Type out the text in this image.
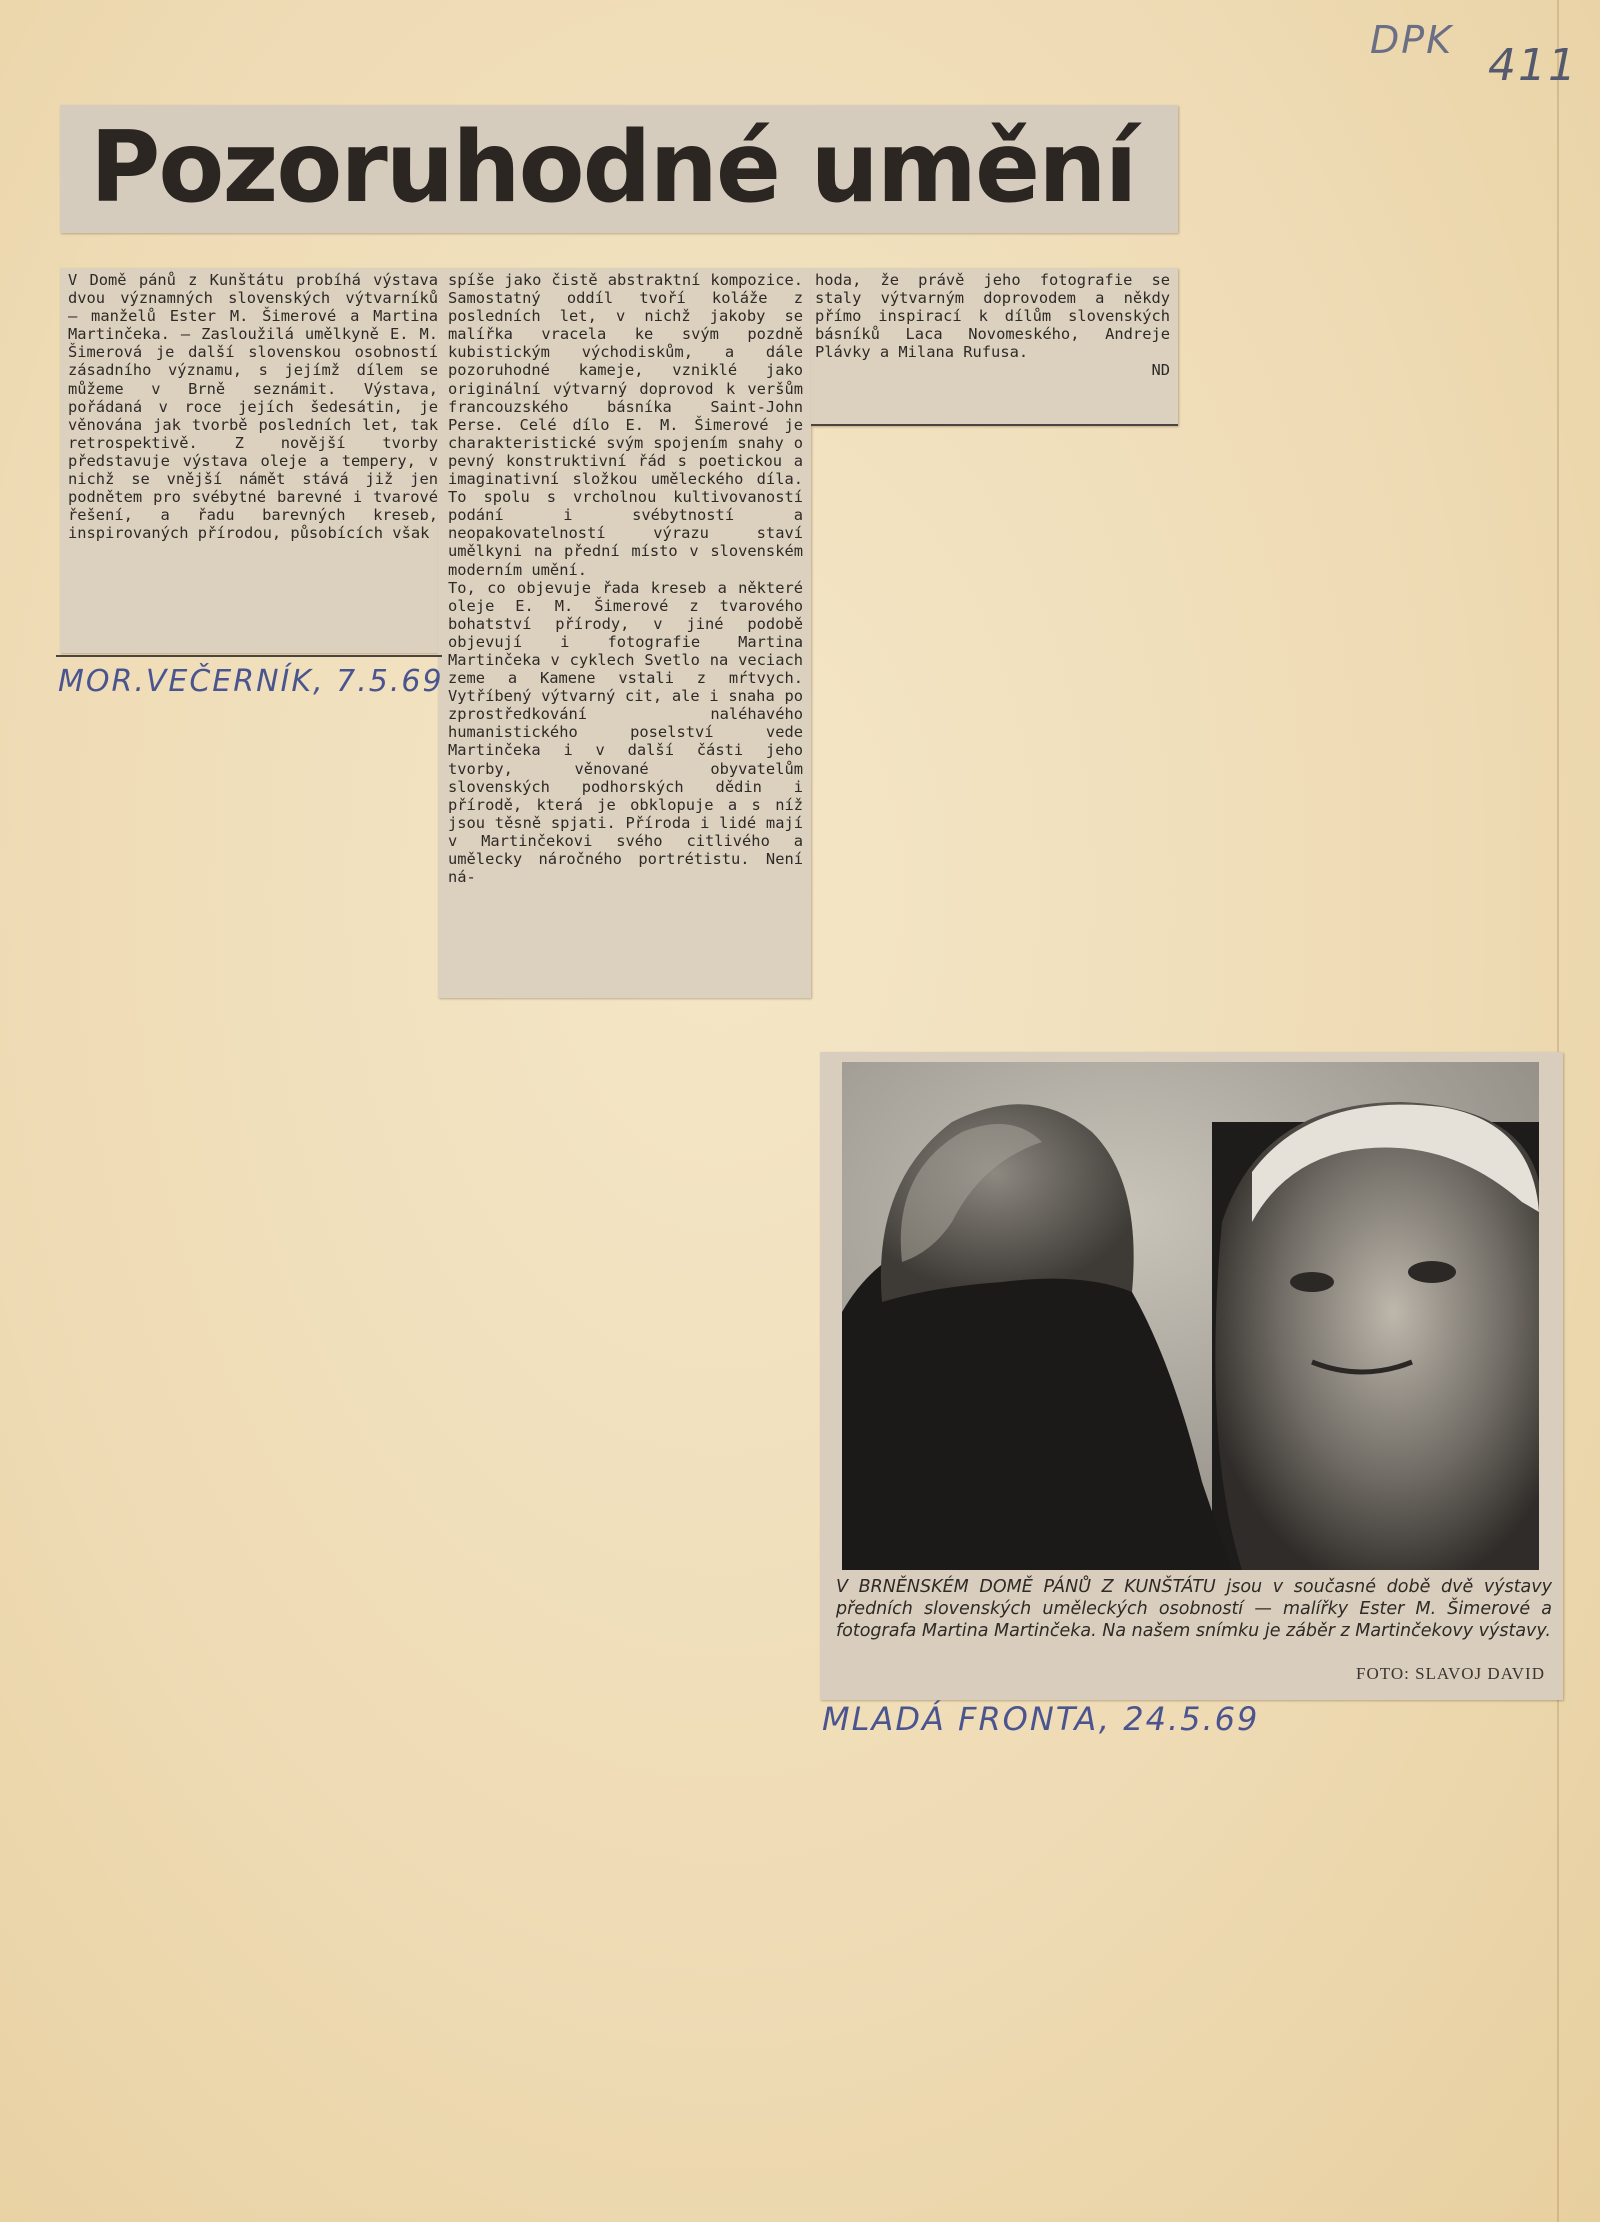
DPK 411
Pozoruhodné umění

V Domě pánů z Kunštátu probíhá výstava dvou významných slovenských výtvarníků — manželů Ester M. Šimerové a Martina Martinčeka. — Zasloužilá umělkyně E. M. Šimerová je další slovenskou osobností zásadního významu, s jejímž dílem se můžeme v Brně seznámit. Výstava, pořádaná v roce jejích šedesátin, je věnována jak tvorbě posledních let, tak retrospektivě. Z novější tvorby představuje výstava oleje a tempery, v nichž se vnější námět stává již jen podnětem pro svébytné barevné i tvarové řešení, a řadu barevných kreseb, inspirovaných přírodou, působících však

spíše jako čistě abstraktní kompozice. Samostatný oddíl tvoří koláže z posledních let, v nichž jakoby se malířka vracela ke svým pozdně kubistickým východiskům, a dále pozoruhodné kameje, vzniklé jako originální výtvarný doprovod k veršům francouzského básníka Saint-John Perse. Celé dílo E. M. Šimerové je charakteristické svým spojením snahy o pevný konstruktivní řád s poetickou a imaginativní složkou uměleckého díla. To spolu s vrcholnou kultivovaností podání i svébytností a neopakovatelností výrazu staví umělkyni na přední místo v slovenském moderním umění.

To, co objevuje řada kreseb a některé oleje E. M. Šimerové z tvarového bohatství přírody, v jiné podobě objevují i fotografie Martina Martinčeka v cyklech Svetlo na veciach zeme a Kamene vstali z mŕtvych. Vytříbený výtvarný cit, ale i snaha po zprostředkování naléhavého humanistického poselství vede Martinčeka i v další části jeho tvorby, věnované obyvatelům slovenských podhorských dědin i přírodě, která je obklopuje a s níž jsou těsně spjati. Příroda i lidé mají v Martinčekovi svého citlivého a umělecky náročného portrétistu. Není ná-

hoda, že právě jeho fotografie se staly výtvarným doprovodem a někdy přímo inspirací k dílům slovenských básníků Laca Novomeského, Andreje Plávky a Milana Rufusa.

ND

MOR.VEČERNÍK, 7.5.69
V BRNĚNSKÉM DOMĚ PÁNŮ Z KUNŠTÁTU jsou v současné době dvě výstavy předních slovenských uměleckých osobností — malířky Ester M. Šimerové a fotografa Martina Martinčeka. Na našem snímku je záběr z Martinčekovy výstavy.
FOTO: SLAVOJ DAVID
MLADÁ FRONTA, 24.5.69
